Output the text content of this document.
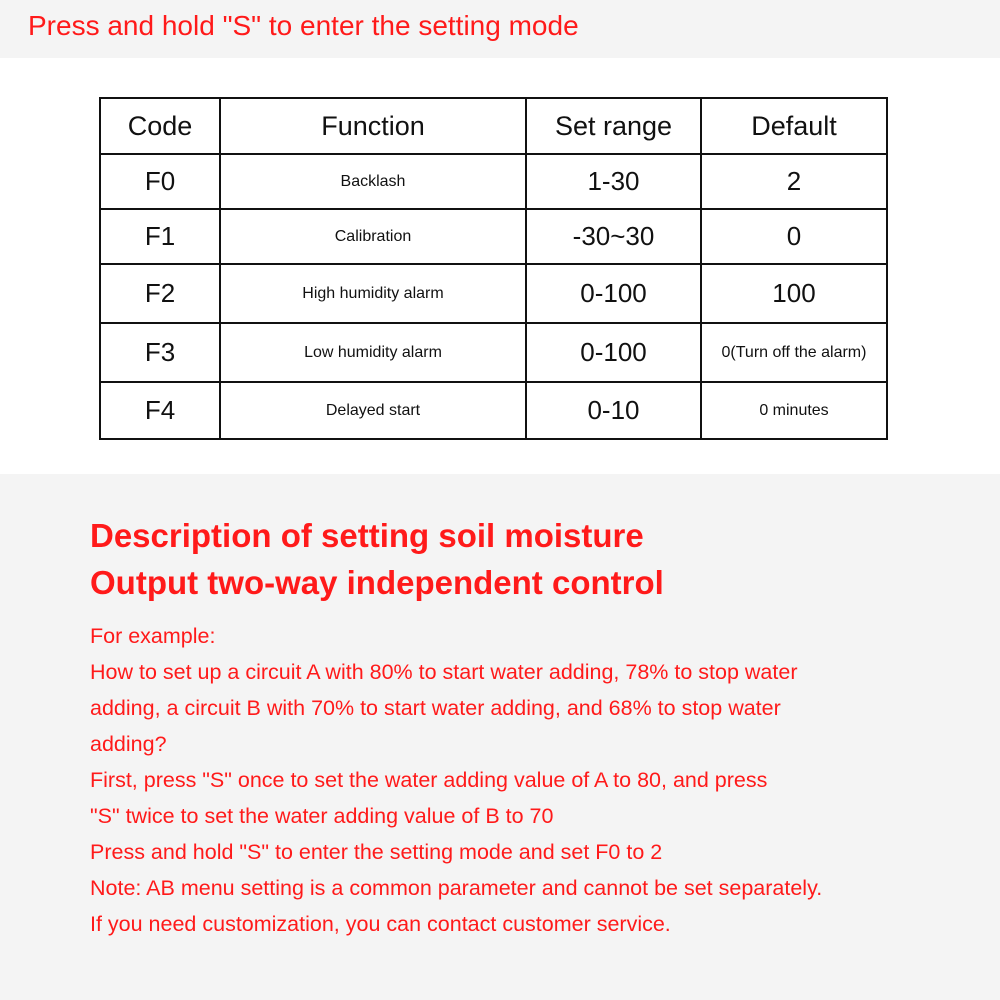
Press and hold "S" to enter the setting mode
Code	Function	Set range	Default
F0	Backlash	1-30	2
F1	Calibration	-30~30	0
F2	High humidity alarm	0-100	100
F3	Low humidity alarm	0-100	0(Turn off the alarm)
F4	Delayed start	0-10	0 minutes
Description of setting soil moisture
Output two-way independent control
For example:
How to set up a circuit A with 80% to start water adding, 78% to stop water
adding, a circuit B with 70% to start water adding, and 68% to stop water
adding?
First, press "S" once to set the water adding value of A to 80, and press
"S" twice to set the water adding value of B to 70
Press and hold "S" to enter the setting mode and set F0 to 2
Note: AB menu setting is a common parameter and cannot be set separately.
If you need customization, you can contact customer service.
